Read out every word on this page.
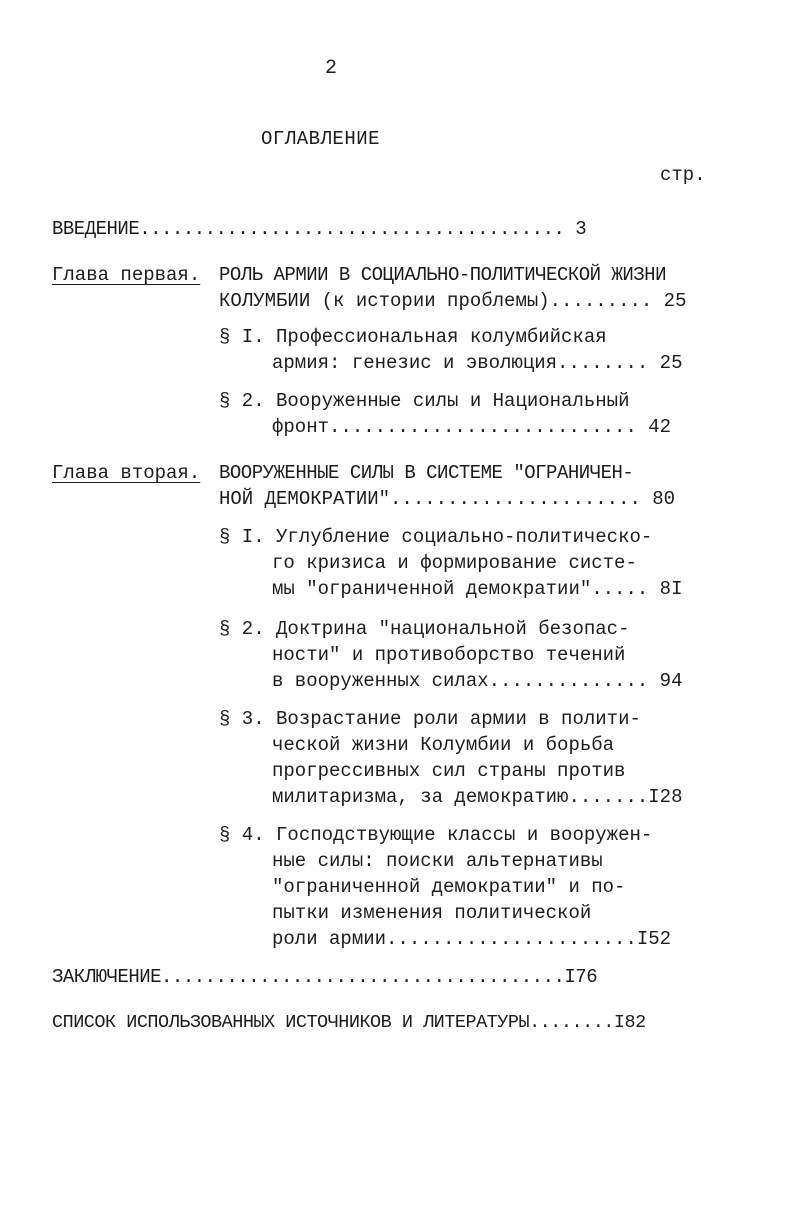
2
ОГЛАВЛЕНИЕ
стр.
ВВЕДЕНИЕ....................................... 3
Глава первая. РОЛЬ АРМИИ В СОЦИАЛЬНО-ПОЛИТИЧЕСКОЙ ЖИЗНИ
КОЛУМБИИ (к истории проблемы)......... 25
§ I. Профессиональная колумбийская
армия: генезис и эволюция........ 25
§ 2. Вооруженные силы и Национальный
фронт........................... 42
Глава вторая. ВООРУЖЕННЫЕ СИЛЫ В СИСТЕМЕ "ОГРАНИЧЕН-
НОЙ ДЕМОКРАТИИ"...................... 80
§ I. Углубление социально-политическо-
го кризиса и формирование систе-
мы "ограниченной демократии"..... 8I
§ 2. Доктрина "национальной безопас-
ности" и противоборство течений
в вооруженных силах.............. 94
§ 3. Возрастание роли армии в полити-
ческой жизни Колумбии и борьба
прогрессивных сил страны против
милитаризма, за демократию.......I28
§ 4. Господствующие классы и вооружен-
ные силы: поиски альтернативы
"ограниченной демократии" и по-
пытки изменения политической
роли армии......................I52
ЗАКЛЮЧЕНИЕ.....................................I76
СПИСОК ИСПОЛЬЗОВАННЫХ ИСТОЧНИКОВ И ЛИТЕРАТУРЫ........I82
